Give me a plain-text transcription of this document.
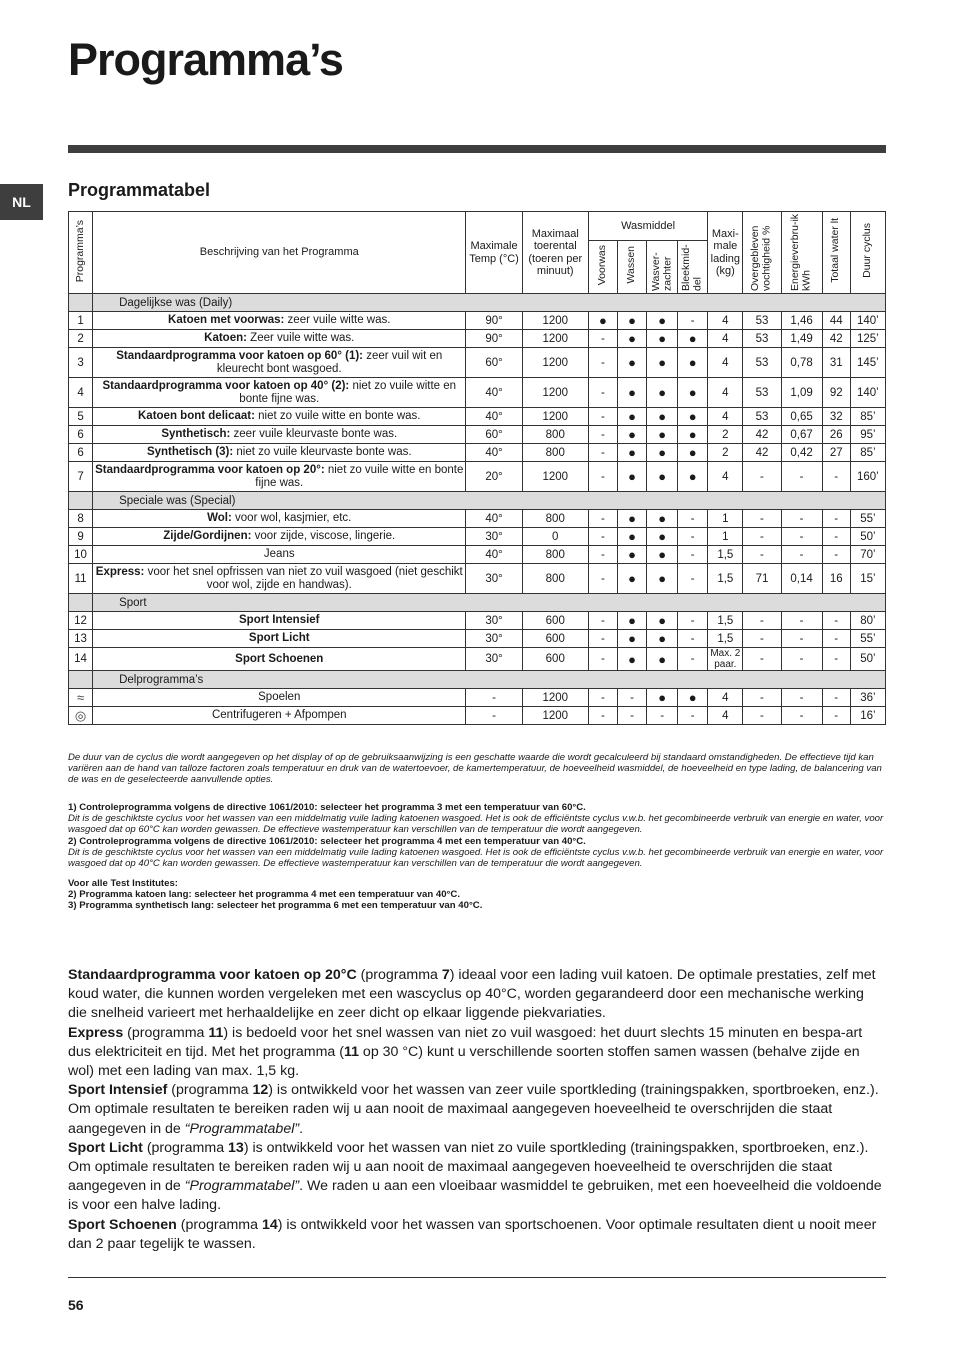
Programma’s
NL
Programmatabel
Programma’s	Beschrijving van het Programma	Maximale Temp (°C)	Maximaal toerental (toeren per minuut)	Wasmiddel				Maxi-male lading (kg)	Overgebleven vochtigheid %	Energieverbru-ik kWh	Totaal water lt	Duur cyclus
				Voorwas	Wassen	Wasver-zachter	Bleekmid-del					
	Dagelijkse was (Daily)											
1	Katoen met voorwas: zeer vuile witte was.	90°	1200	●	●	●	-	4	53	1,46	44	140’
2	Katoen: Zeer vuile witte was.	90°	1200	-	●	●	●	4	53	1,49	42	125’
3	Standaardprogramma voor katoen op 60° (1): zeer vuil wit en kleurecht bont wasgoed.	60°	1200	-	●	●	●	4	53	0,78	31	145’
4	Standaardprogramma voor katoen op 40° (2): niet zo vuile witte en bonte fijne was.	40°	1200	-	●	●	●	4	53	1,09	92	140’
5	Katoen bont delicaat: niet zo vuile witte en bonte was.	40°	1200	-	●	●	●	4	53	0,65	32	85’
6	Synthetisch: zeer vuile kleurvaste bonte was.	60°	800	-	●	●	●	2	42	0,67	26	95’
6	Synthetisch (3): niet zo vuile kleurvaste bonte was.	40°	800	-	●	●	●	2	42	0,42	27	85’
7	Standaardprogramma voor katoen op 20°: niet zo vuile witte en bonte fijne was.	20°	1200	-	●	●	●	4	-	-	-	160’
	Speciale was (Special)											
8	Wol: voor wol, kasjmier, etc.	40°	800	-	●	●	-	1	-	-	-	55’
9	Zijde/Gordijnen: voor zijde, viscose, lingerie.	30°	0	-	●	●	-	1	-	-	-	50’
10	Jeans	40°	800	-	●	●	-	1,5	-	-	-	70’
11	Express: voor het snel opfrissen van niet zo vuil wasgoed (niet geschikt voor wol, zijde en handwas).	30°	800	-	●	●	-	1,5	71	0,14	16	15’
	Sport											
12	Sport Intensief	30°	600	-	●	●	-	1,5	-	-	-	80’
13	Sport Licht	30°	600	-	●	●	-	1,5	-	-	-	55’
14	Sport Schoenen	30°	600	-	●	●	-	Max. 2 paar.	-	-	-	50’
	Delprogramma’s											
≈	Spoelen	-	1200	-	-	●	●	4	-	-	-	36’
◎	Centrifugeren + Afpompen	-	1200	-	-	-	-	4	-	-	-	16’

De duur van de cyclus die wordt aangegeven op het display of op de gebruiksaanwijzing is een geschatte waarde die wordt gecalculeerd bij standaard omstandigheden. De effectieve tijd kan variëren aan de hand van talloze factoren zoals temperatuur en druk van de watertoevoer, de kamertemperatuur, de hoeveelheid wasmiddel, de hoeveelheid en type lading, de balancering van de was en de geselecteerde aanvullende opties.

1) Controleprogramma volgens de directive 1061/2010: selecteer het programma 3 met een temperatuur van 60°C.

Dit is de geschiktste cyclus voor het wassen van een middelmatig vuile lading katoenen wasgoed. Het is ook de efficiëntste cyclus v.w.b. het gecombineerde verbruik van energie en water, voor wasgoed dat op 60°C kan worden gewassen. De effectieve wastemperatuur kan verschillen van de temperatuur die wordt aangegeven.

2) Controleprogramma volgens de directive 1061/2010: selecteer het programma 4 met een temperatuur van 40°C.

Dit is de geschiktste cyclus voor het wassen van een middelmatig vuile lading katoenen wasgoed. Het is ook de efficiëntste cyclus v.w.b. het gecombineerde verbruik van energie en water, voor wasgoed dat op 40°C kan worden gewassen. De effectieve wastemperatuur kan verschillen van de temperatuur die wordt aangegeven.

Voor alle Test Institutes:

2) Programma katoen lang: selecteer het programma 4 met een temperatuur van 40°C.

3) Programma synthetisch lang: selecteer het programma 6 met een temperatuur van 40°C.

Standaardprogramma voor katoen op 20°C (programma 7) ideaal voor een lading vuil katoen. De optimale prestaties, zelf met koud water, die kunnen worden vergeleken met een wascyclus op 40°C, worden gegarandeerd door een mechanische werking die snelheid varieert met herhaaldelijke en zeer dicht op elkaar liggende piekvariaties.

Express (programma 11) is bedoeld voor het snel wassen van niet zo vuil wasgoed: het duurt slechts 15 minuten en bespa-art dus elektriciteit en tijd. Met het programma (11 op 30 °C) kunt u verschillende soorten stoffen samen wassen (behalve zijde en wol) met een lading van max. 1,5 kg.

Sport Intensief (programma 12) is ontwikkeld voor het wassen van zeer vuile sportkleding (trainingspakken, sportbroeken, enz.). Om optimale resultaten te bereiken raden wij u aan nooit de maximaal aangegeven hoeveelheid te overschrijden die staat aangegeven in de “Programmatabel”.

Sport Licht (programma 13) is ontwikkeld voor het wassen van niet zo vuile sportkleding (trainingspakken, sportbroeken, enz.). Om optimale resultaten te bereiken raden wij u aan nooit de maximaal aangegeven hoeveelheid te overschrijden die staat aangegeven in de “Programmatabel”. We raden u aan een vloeibaar wasmiddel te gebruiken, met een hoeveelheid die voldoende is voor een halve lading.

Sport Schoenen (programma 14) is ontwikkeld voor het wassen van sportschoenen. Voor optimale resultaten dient u nooit meer dan 2 paar tegelijk te wassen.

56
